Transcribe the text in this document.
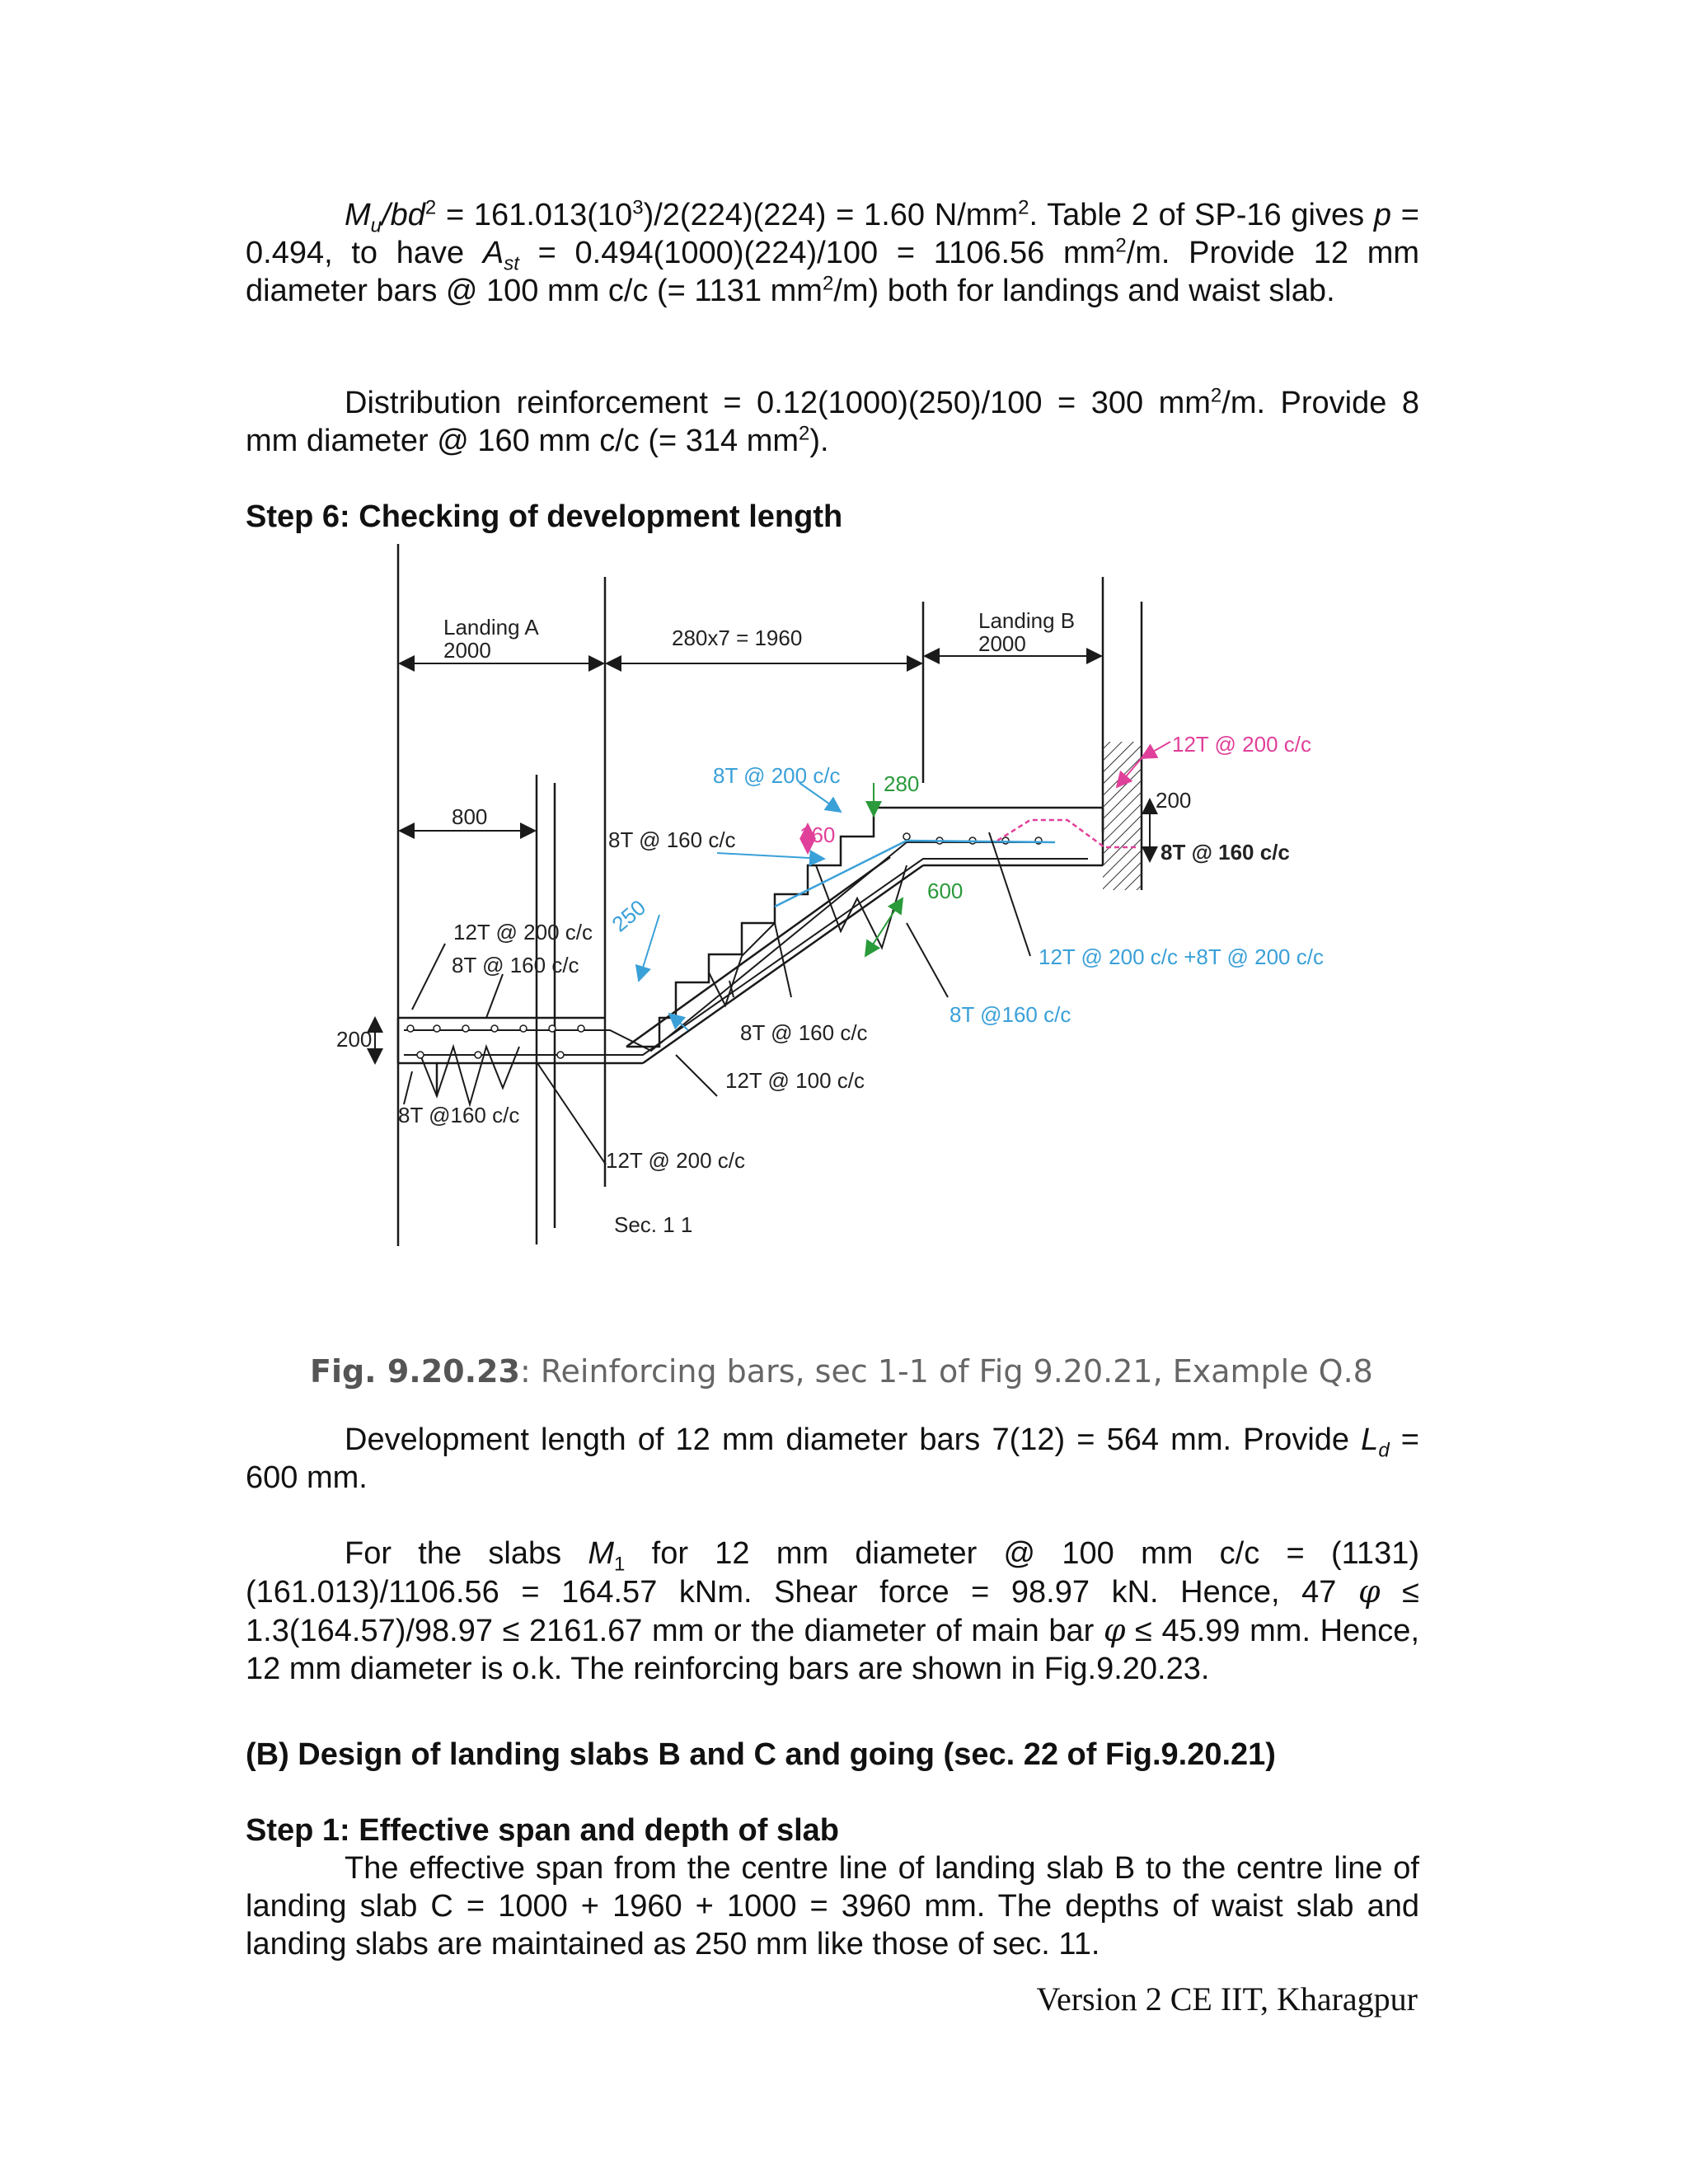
$M_u/bd^2 = 161.013(10^3)/2(224)(224) = 1.60$ $N/mm^2$. Table 2 of SP-16 gives p = 0.494, to have $A_{st} = 0.494(1000)(224)/100 = 1106.56$ $mm^2/m$. Provide 12 mm diameter bars @ 100 mm c/c (= 1131 $mm^2/m$) both for landings and waist slab.

Distribution reinforcement = 0.12(1000)(250)/100 = 300 $mm^2/m$. Provide 8 mm diameter @ 160 mm c/c (= 314 $mm^2$).

Step 6: Checking of development length

Landing A
2000	280x7 = 1960
Landing B
2000
12T @ 200 c/c
8T @ 200 c/c 280
200
800
8T @ 160 c/c	160
8T @ 160 c/c
600
12T @ 200 c/c 250
12T @ 200 c/c +8T @ 200 c/c
8T @ 160 c/c
8T @160 c/c
200	8T @ 160 c/c
12T @ 100 c/c
8T @160 c/c
12T @ 200 c/c
Sec. 1 1

Fig. 9.20.23: Reinforcing bars, sec 1-1 of Fig 9.20.21, Example Q.8

Development length of 12 mm diameter bars 7(12) = 564 mm. Provide $L_d = 600$ mm.

For the slabs $M_1$ for 12 mm diameter @ 100 mm c/c = (1131)(161.013)/1106.56 = 164.57 kNm. Shear force = 98.97 kN. Hence, 47 φ ≤ 1.3(164.57)/98.97 ≤ 2161.67 mm or the diameter of main bar φ ≤ 45.99 mm. Hence, 12 mm diameter is o.k. The reinforcing bars are shown in Fig.9.20.23.

(B) Design of landing slabs B and C and going (sec. 22 of Fig.9.20.21)

Step 1: Effective span and depth of slab

The effective span from the centre line of landing slab B to the centre line of landing slab C = 1000 + 1960 + 1000 = 3960 mm. The depths of waist slab and landing slabs are maintained as 250 mm like those of sec. 11.

Version 2 CE IIT, Kharagpur
